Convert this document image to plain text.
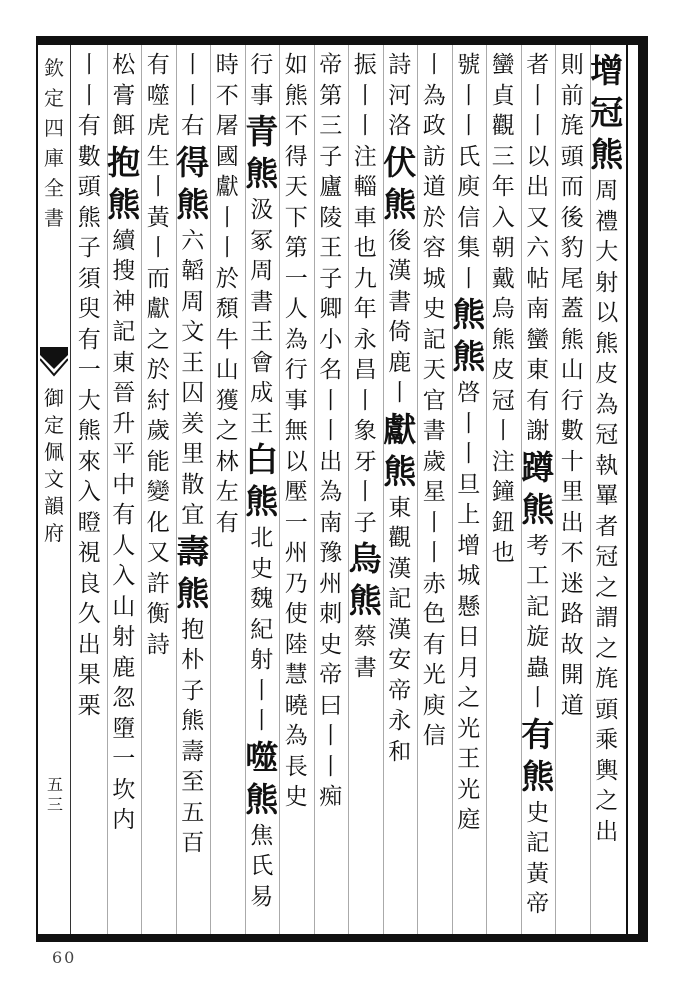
欽定四庫全書
御定佩文韻府
五三
增冠熊
周禮大射以熊皮為冠執罼者冠之謂之旄頭乘輿之出
則前旄頭而後豹尾蓋熊山行數十里出不迷路故開道
者丨丨以出又六帖南蠻東有謝
蹲熊
考工記旋蟲丨
有熊
史記黃帝
蠻貞觀三年入朝戴烏熊皮冠丨注鐘鈕也
號丨丨氏庾信集丨
熊熊
啓丨丨旦上增城懸日月之光王光庭
丨為政訪道於容城史記天官書歲星丨丨赤色有光庾信
詩河洛
伏熊
後漢書倚鹿丨
獻熊
東觀漢記漢安帝永和
振丨丨注輜車也九年永昌丨象牙丨子
烏熊
蔡書
帝第三子廬陵王子卿小名丨丨出為南豫州刺史帝曰丨丨痴
如熊不得天下第一人為行事無以壓一州乃使陸慧曉為長史
行事
青熊
汲冢周書王會成王
白熊
北史魏紀射丨丨
噬熊
焦氏易
時不屠國獻丨丨於頹牛山獲之林左有
丨丨右
得熊
六韜周文王囚羑里散宜
壽熊
抱朴子熊壽至五百
有噬虎生丨黃丨而獻之於紂歲能變化又許衡詩
松膏餌
抱熊
續搜神記東晉升平中有人入山射鹿忽墮一坎内
丨丨有數頭熊子須臾有一大熊來入瞪視良久出果栗
60
